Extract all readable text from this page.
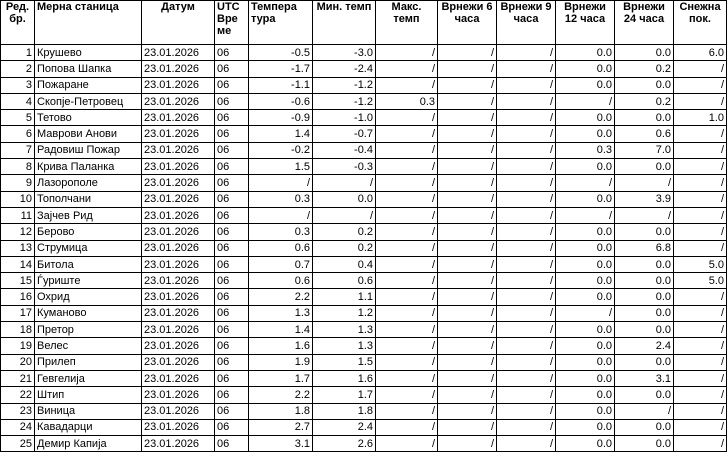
Ред. бр.	Мерна станица	Датум	UTC Вре ме	Темпера тура	Мин. темп	Макс. темп	Врнежи 6 часа	Врнежи 9 часа	Врнежи 12 часа	Врнежи 24 часа	Снежна пок.
1	Крушево	23.01.2026	06	-0.5	-3.0	/	/	/	0.0	0.0	6.0
2	Попова Шапка	23.01.2026	06	-1.7	-2.4	/	/	/	0.0	0.2	/
3	Пожаране	23.01.2026	06	-1.1	-1.2	/	/	/	0.0	0.0	/
4	Скопје-Петровец	23.01.2026	06	-0.6	-1.2	0.3	/	/	/	0.2	/
5	Тетово	23.01.2026	06	-0.9	-1.0	/	/	/	0.0	0.0	1.0
6	Маврови Анови	23.01.2026	06	1.4	-0.7	/	/	/	0.0	0.6	/
7	Радовиш Пожар	23.01.2026	06	-0.2	-0.4	/	/	/	0.3	7.0	/
8	Крива Паланка	23.01.2026	06	1.5	-0.3	/	/	/	0.0	0.0	/
9	Лазорополе	23.01.2026	06	/	/	/	/	/	/	/	/
10	Тополчани	23.01.2026	06	0.3	0.0	/	/	/	0.0	3.9	/
11	Зајчев Рид	23.01.2026	06	/	/	/	/	/	/	/	/
12	Берово	23.01.2026	06	0.3	0.2	/	/	/	0.0	0.0	/
13	Струмица	23.01.2026	06	0.6	0.2	/	/	/	0.0	6.8	/
14	Битола	23.01.2026	06	0.7	0.4	/	/	/	0.0	0.0	5.0
15	Ѓуриште	23.01.2026	06	0.6	0.6	/	/	/	0.0	0.0	5.0
16	Охрид	23.01.2026	06	2.2	1.1	/	/	/	0.0	0.0	/
17	Куманово	23.01.2026	06	1.3	1.2	/	/	/	/	0.0	/
18	Претор	23.01.2026	06	1.4	1.3	/	/	/	0.0	0.0	/
19	Велес	23.01.2026	06	1.6	1.3	/	/	/	0.0	2.4	/
20	Прилеп	23.01.2026	06	1.9	1.5	/	/	/	0.0	0.0	/
21	Гевгелија	23.01.2026	06	1.7	1.6	/	/	/	0.0	3.1	/
22	Штип	23.01.2026	06	2.2	1.7	/	/	/	0.0	0.0	/
23	Виница	23.01.2026	06	1.8	1.8	/	/	/	0.0	/	/
24	Кавадарци	23.01.2026	06	2.7	2.4	/	/	/	0.0	0.0	/
25	Демир Капија	23.01.2026	06	3.1	2.6	/	/	/	0.0	0.0	/
